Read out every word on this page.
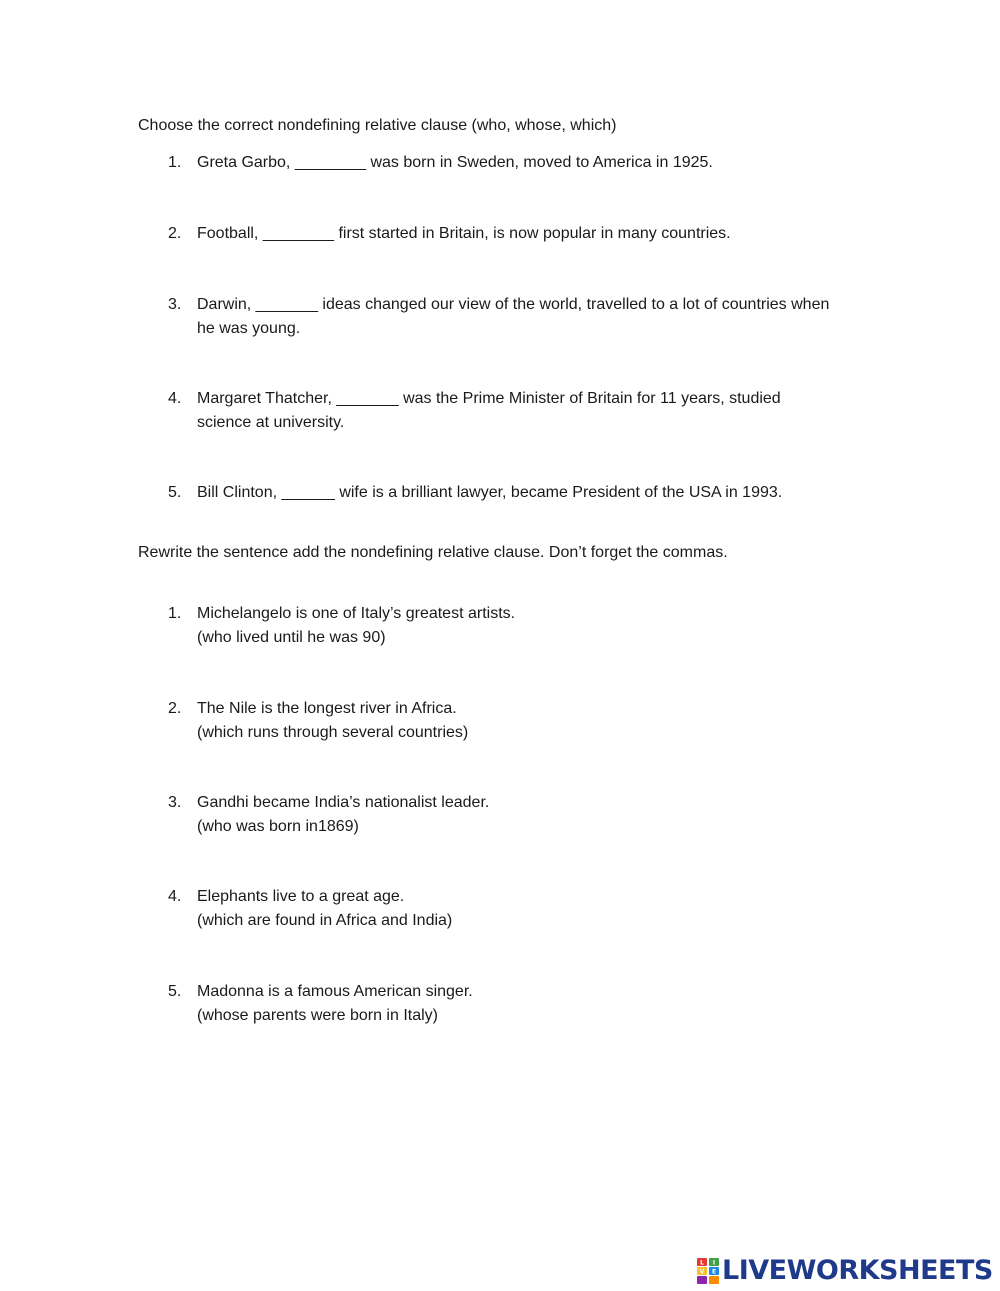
Choose the correct nondefining relative clause (who, whose, which)

1. Greta Garbo, ________ was born in Sweden, moved to America in 1925.
2. Football, ________ first started in Britain, is now popular in many countries.
3. Darwin, _______ ideas changed our view of the world, travelled to a lot of countries when
he was young.
4. Margaret Thatcher, _______ was the Prime Minister of Britain for 11 years, studied
science at university.
5. Bill Clinton, ______ wife is a brilliant lawyer, became President of the USA in 1993.

Rewrite the sentence add the nondefining relative clause. Don’t forget the commas.

1. Michelangelo is one of Italy’s greatest artists.
(who lived until he was 90)
2. The Nile is the longest river in Africa.
(which runs through several countries)
3. Gandhi became India’s nationalist leader.
(who was born in1869)
4. Elephants live to a great age.
(which are found in Africa and India)
5. Madonna is a famous American singer.
(whose parents were born in Italy)
L I
V E LIVEWORKSHEETS
